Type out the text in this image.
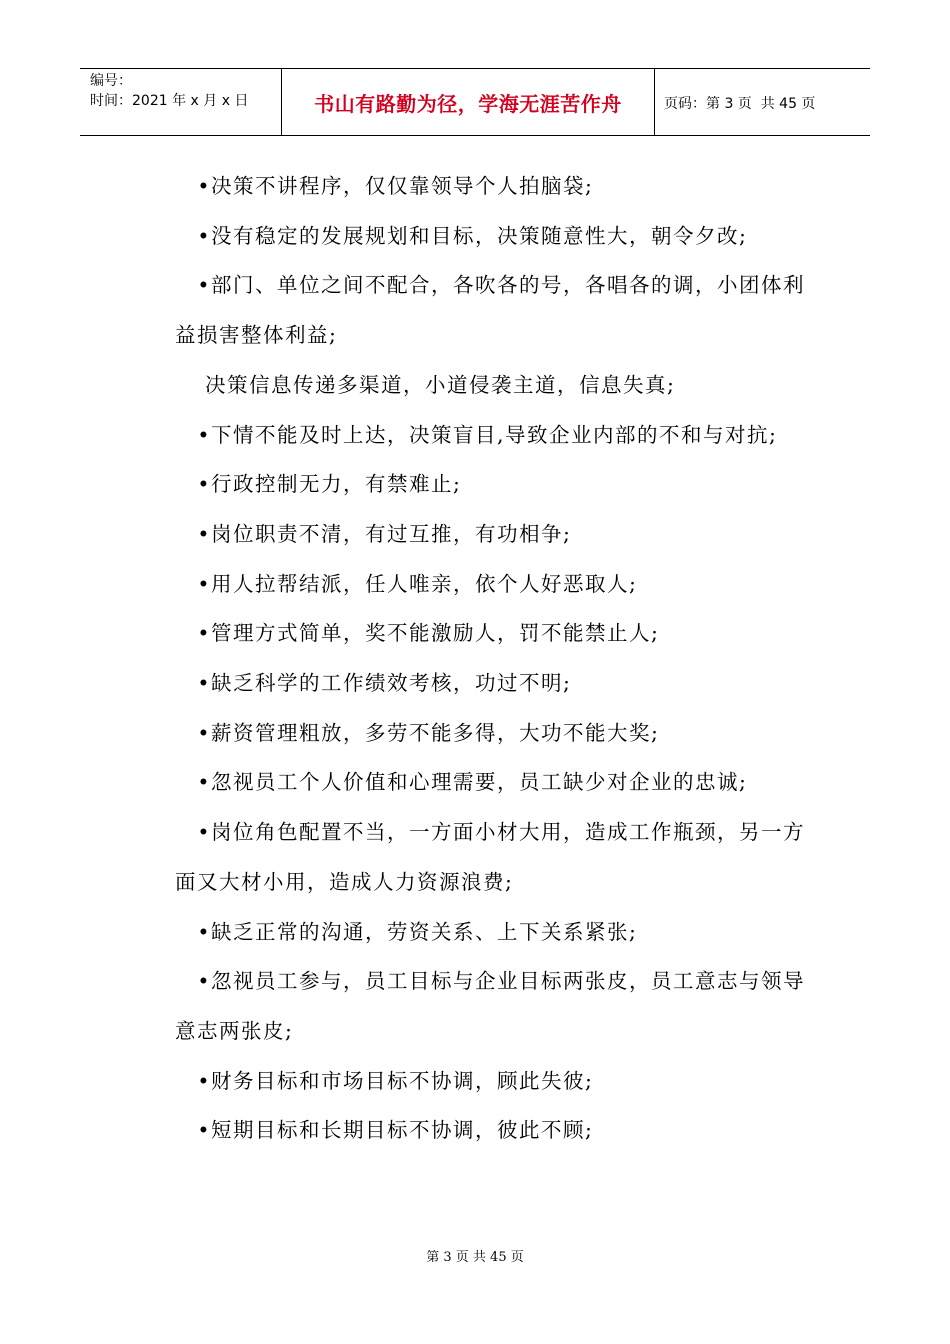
编号：
时间：2021 年 x 月 x 日	书山有路勤为径，学海无涯苦作舟	页码：第 3 页  共 45 页

• 决策不讲程序，仅仅靠领导个人拍脑袋;

• 没有稳定的发展规划和目标，决策随意性大，朝令夕改;

• 部门、单位之间不配合，各吹各的号，各唱各的调，小团体利益损害整体利益;

决策信息传递多渠道，小道侵袭主道，信息失真;

• 下情不能及时上达，决策盲目,导致企业内部的不和与对抗;

• 行政控制无力，有禁难止;

• 岗位职责不清，有过互推，有功相争;

• 用人拉帮结派，任人唯亲，依个人好恶取人;

• 管理方式简单，奖不能激励人，罚不能禁止人;

• 缺乏科学的工作绩效考核，功过不明;

• 薪资管理粗放，多劳不能多得，大功不能大奖;

• 忽视员工个人价值和心理需要，员工缺少对企业的忠诚;

• 岗位角色配置不当，一方面小材大用，造成工作瓶颈，另一方面又大材小用，造成人力资源浪费;

• 缺乏正常的沟通，劳资关系、上下关系紧张;

• 忽视员工参与，员工目标与企业目标两张皮，员工意志与领导意志两张皮;

• 财务目标和市场目标不协调，顾此失彼;

• 短期目标和长期目标不协调，彼此不顾;

第 3 页 共 45 页
